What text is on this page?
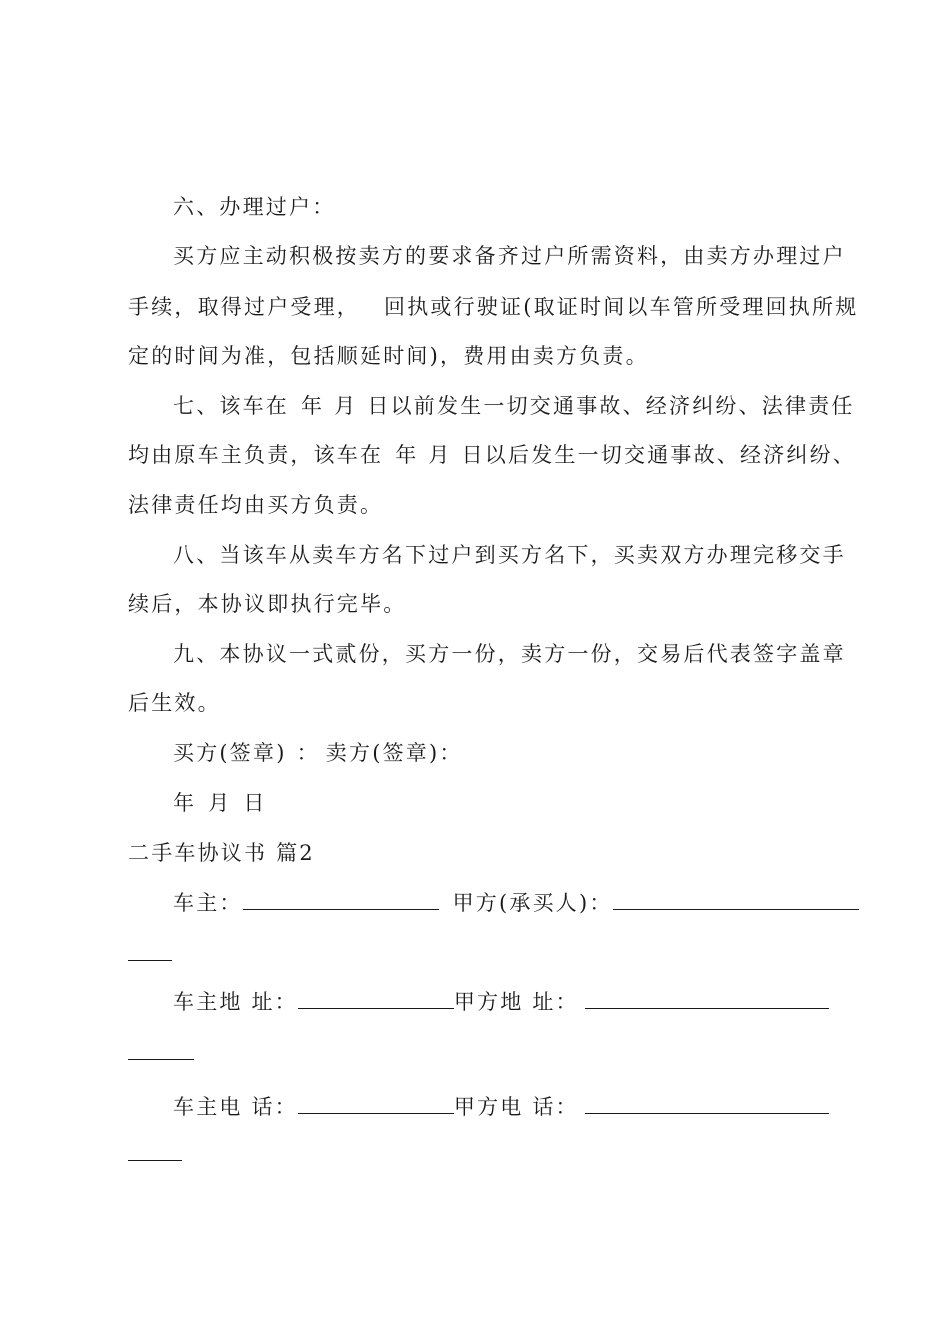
六、办理过户：
买方应主动积极按卖方的要求备齐过户所需资料，由卖方办理过户
手续，取得过户受理， 回执或行驶证(取证时间以车管所受理回执所规
定的时间为准，包括顺延时间)，费用由卖方负责。
七、该车在 年 月 日以前发生一切交通事故、经济纠纷、法律责任
均由原车主负责，该车在 年 月 日以后发生一切交通事故、经济纠纷、
法律责任均由买方负责。
八、当该车从卖车方名下过户到买方名下，买卖双方办理完移交手
续后，本协议即执行完毕。
九、本协议一式贰份，买方一份，卖方一份，交易后代表签字盖章
后生效。
买方(签章) ： 卖方(签章)：
年 月 日
二手车协议书 篇2
车主：	甲方(承买人)：
车主地 址：	甲方地 址：
车主电 话：	甲方电 话：
